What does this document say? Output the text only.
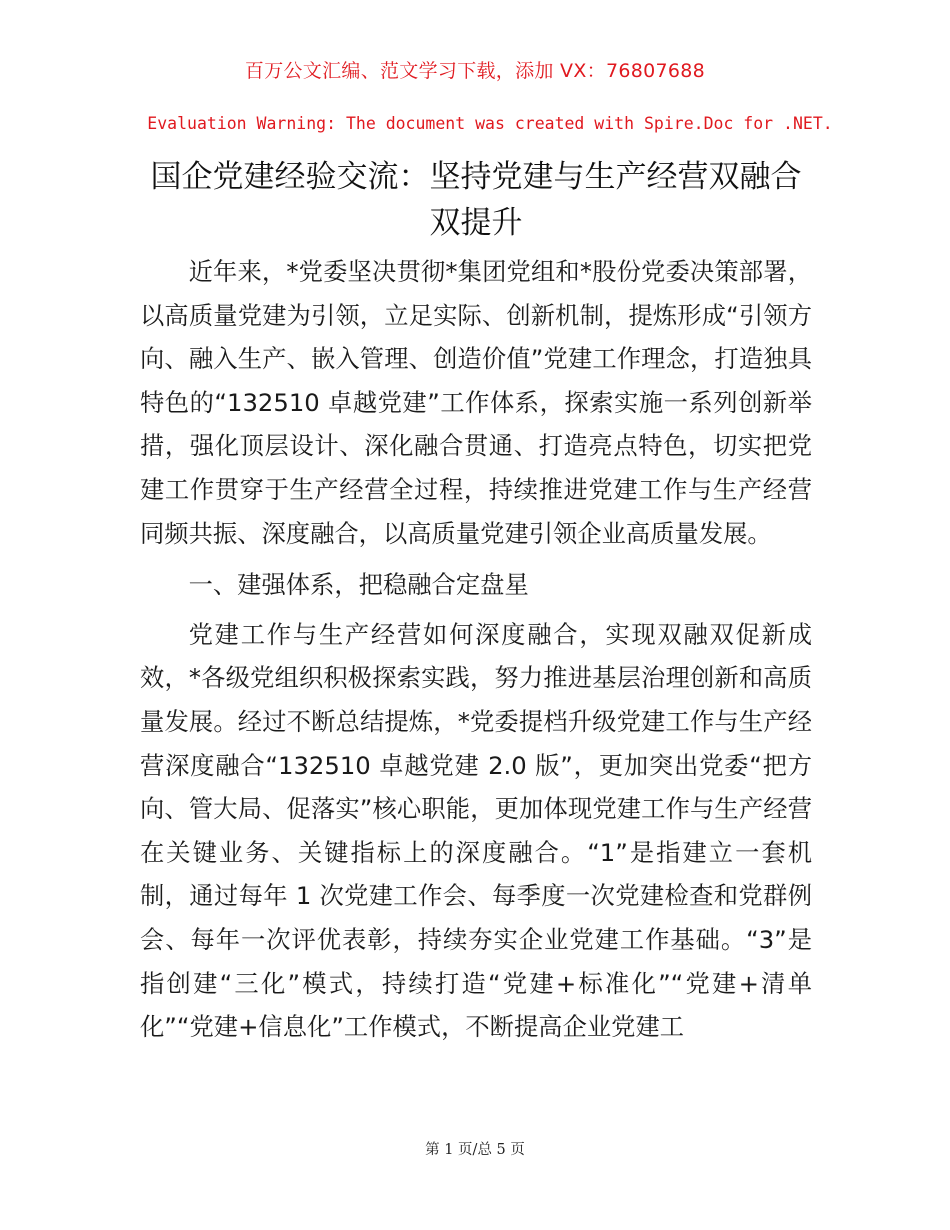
百万公文汇编、范文学习下载，添加 VX：76807688
Evaluation Warning: The document was created with Spire.Doc for .NET.
国企党建经验交流：坚持党建与生产经营双融合双提升

近年来，*党委坚决贯彻*集团党组和*股份党委决策部署，以高质量党建为引领，立足实际、创新机制，提炼形成“引领方向、融入生产、嵌入管理、创造价值”党建工作理念，打造独具特色的“132510 卓越党建”工作体系，探索实施一系列创新举措，强化顶层设计、深化融合贯通、打造亮点特色，切实把党建工作贯穿于生产经营全过程，持续推进党建工作与生产经营同频共振、深度融合，以高质量党建引领企业高质量发展。

一、建强体系，把稳融合定盘星

党建工作与生产经营如何深度融合，实现双融双促新成效，*各级党组织积极探索实践，努力推进基层治理创新和高质量发展。经过不断总结提炼，*党委提档升级党建工作与生产经营深度融合“132510 卓越党建 2.0 版”，更加突出党委“把方向、管大局、促落实”核心职能，更加体现党建工作与生产经营在关键业务、关键指标上的深度融合。“1”是指建立一套机制，通过每年 1 次党建工作会、每季度一次党建检查和党群例会、每年一次评优表彰，持续夯实企业党建工作基础。“3”是指创建“三化”模式，持续打造“党建+标准化”“党建+清单化”“党建+信息化”工作模式，不断提高企业党建工

第 1 页/总 5 页
